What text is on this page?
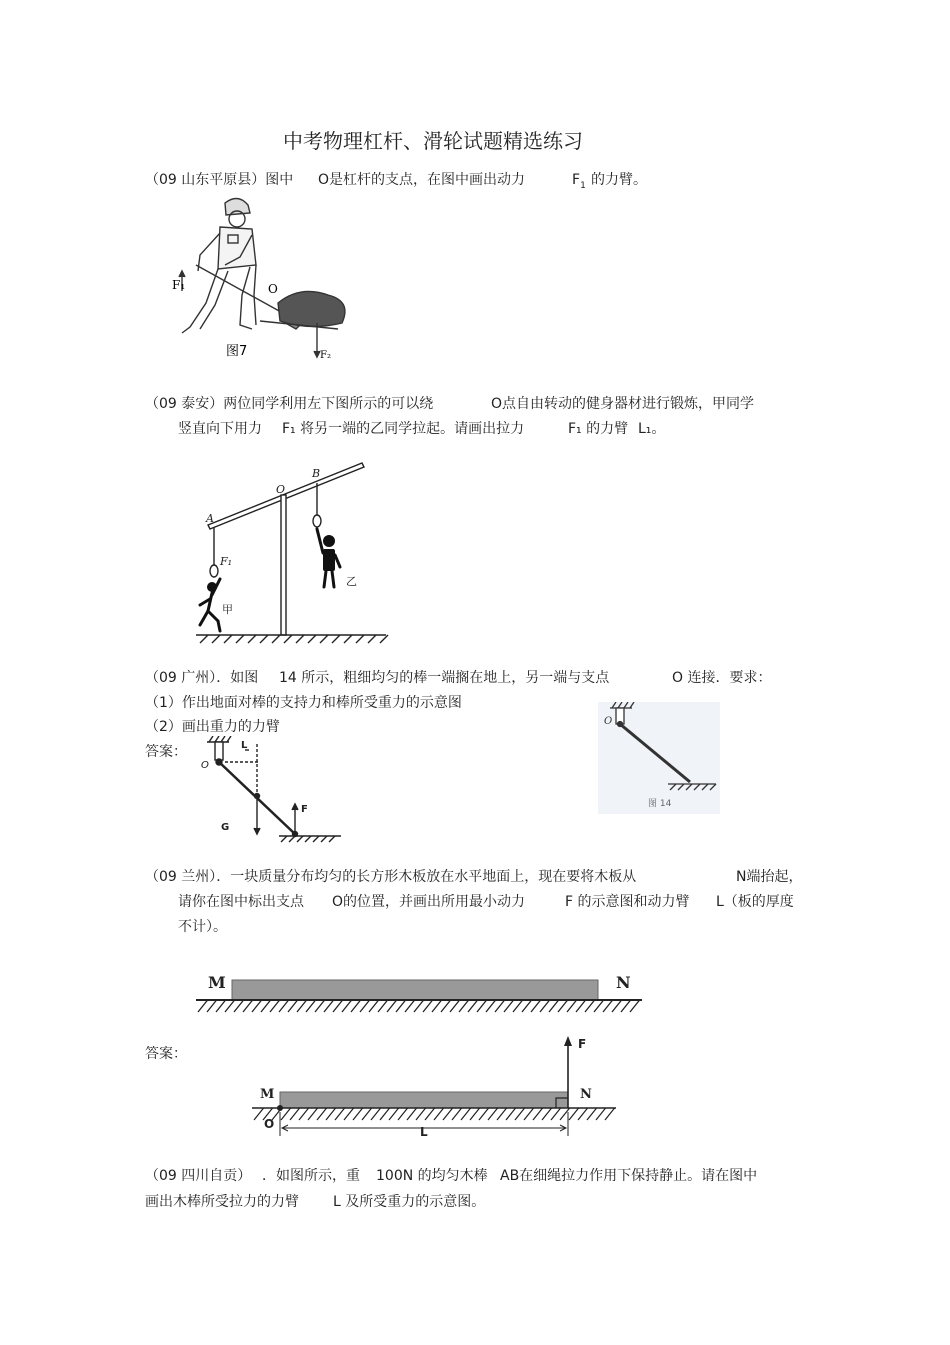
中考物理杠杆、滑轮试题精选练习
（09 山东平原县）图中 O是杠杆的支点，在图中画出动力	$F_1$ 的力臂。
F₁	O
F₂
图7
（09 泰安）两位同学利用左下图所示的可以绕	O点自由转动的健身器材进行锻炼，甲同学
竖直向下用力 F₁ 将另一端的乙同学拉起。请画出拉力	F₁ 的力臂 L₁。
A
O
B
F₁
甲
乙
（09 广州）．如图 14 所示，粗细均匀的棒一端搁在地上，另一端与支点	O 连接．要求：
（1）作出地面对棒的支持力和棒所受重力的示意图
（2）画出重力的力臂
答案：	L
O
G
F
O
图 14
（09 兰州）．一块质量分布均匀的长方形木板放在水平地面上，现在要将木板从	N端抬起，
请你在图中标出支点 O的位置，并画出所用最小动力	F 的示意图和动力臂 L（板的厚度
不计）。
M	N
答案：
M	N
O
L
F
（09 四川自贡） ．如图所示，重 100N 的均匀木棒 AB在细绳拉力作用下保持静止。请在图中
画出木棒所受拉力的力臂 L 及所受重力的示意图。
